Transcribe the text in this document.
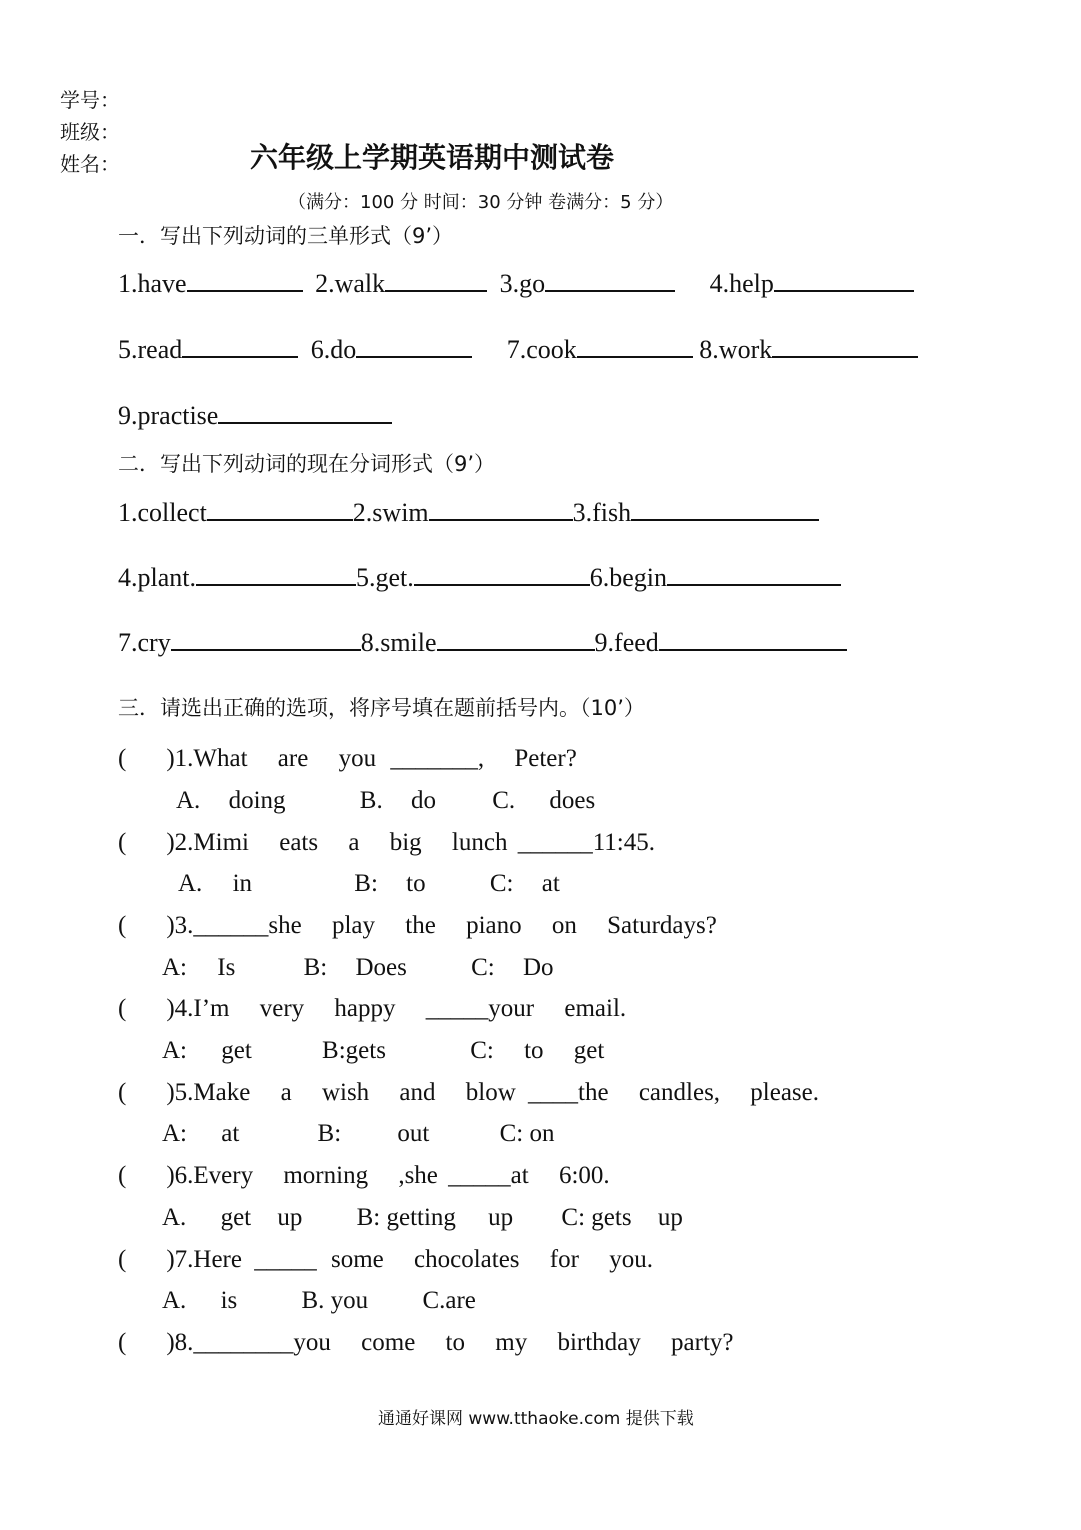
学号：
班级：
姓名：	六年级上学期英语期中测试卷
（满分：100 分 时间：30 分钟 卷满分：5 分）
一．写出下列动词的三单形式（9’）
1.have	2.walk	3.go	4.help
5.read	6.do	7.cook	8.work
9.practise
二．写出下列动词的现在分词形式（9’）
1.collect	2.swim	3.fish
4.plant.	5.get.	6.begin
7.cry	8.smile	9.feed
三．请选出正确的选项，将序号填在题前括号内。（10’）
( )1.What are you _______, Peter?
A. doing	B. do C. does
( )2.Mimi eats a big lunch ______11:45.
A. in	B: to	C: at
( )3.______she play the piano on Saturdays?
A: Is	B: Does	C: Do
( )4.I’m very happy _____your email.
A: get	B:gets	C: to get
( )5.Make a wish and blow ____the candles, please.
A: at	B: out	C: on
( )6.Every morning ,she _____at 6:00.
A. get up B: getting up C: gets up
( )7.Here _____ some chocolates for you.
A. is	B. you C.are
( )8.________you come to my birthday party?
通通好课网 www.tthaoke.com 提供下载
